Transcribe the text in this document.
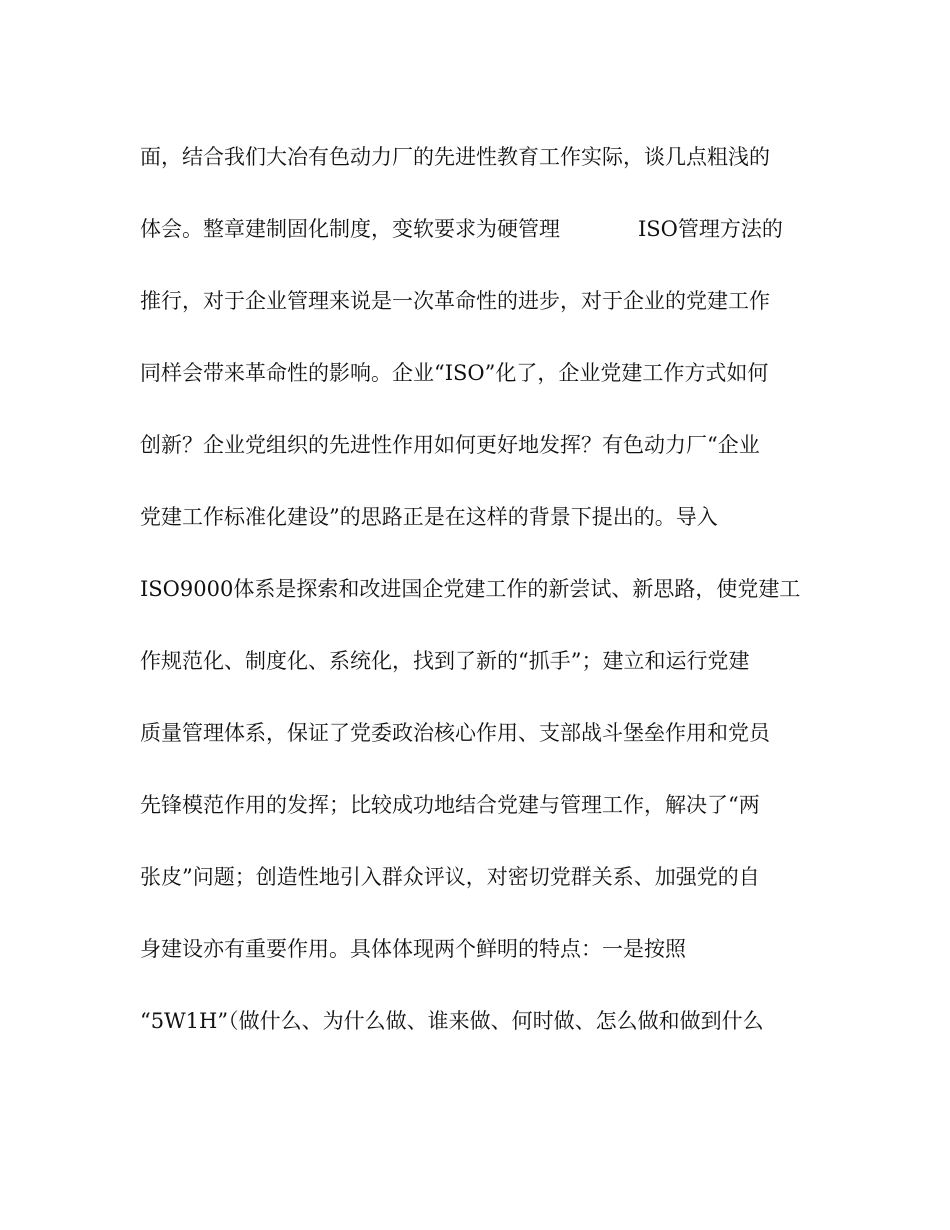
面，结合我们大冶有色动力厂的先进性教育工作实际，谈几点粗浅的
体会。整章建制固化制度，变软要求为硬管理	ISO管理方法的
推行，对于企业管理来说是一次革命性的进步，对于企业的党建工作
同样会带来革命性的影响。企业“ISO”化了，企业党建工作方式如何
创新？企业党组织的先进性作用如何更好地发挥？有色动力厂“企业
党建工作标准化建设”的思路正是在这样的背景下提出的。导入
ISO9000体系是探索和改进国企党建工作的新尝试、新思路，使党建工
作规范化、制度化、系统化，找到了新的“抓手”；建立和运行党建
质量管理体系，保证了党委政治核心作用、支部战斗堡垒作用和党员
先锋模范作用的发挥；比较成功地结合党建与管理工作，解决了“两
张皮”问题；创造性地引入群众评议，对密切党群关系、加强党的自
身建设亦有重要作用。具体体现两个鲜明的特点：一是按照
“5W1H”（做什么、为什么做、谁来做、何时做、怎么做和做到什么
